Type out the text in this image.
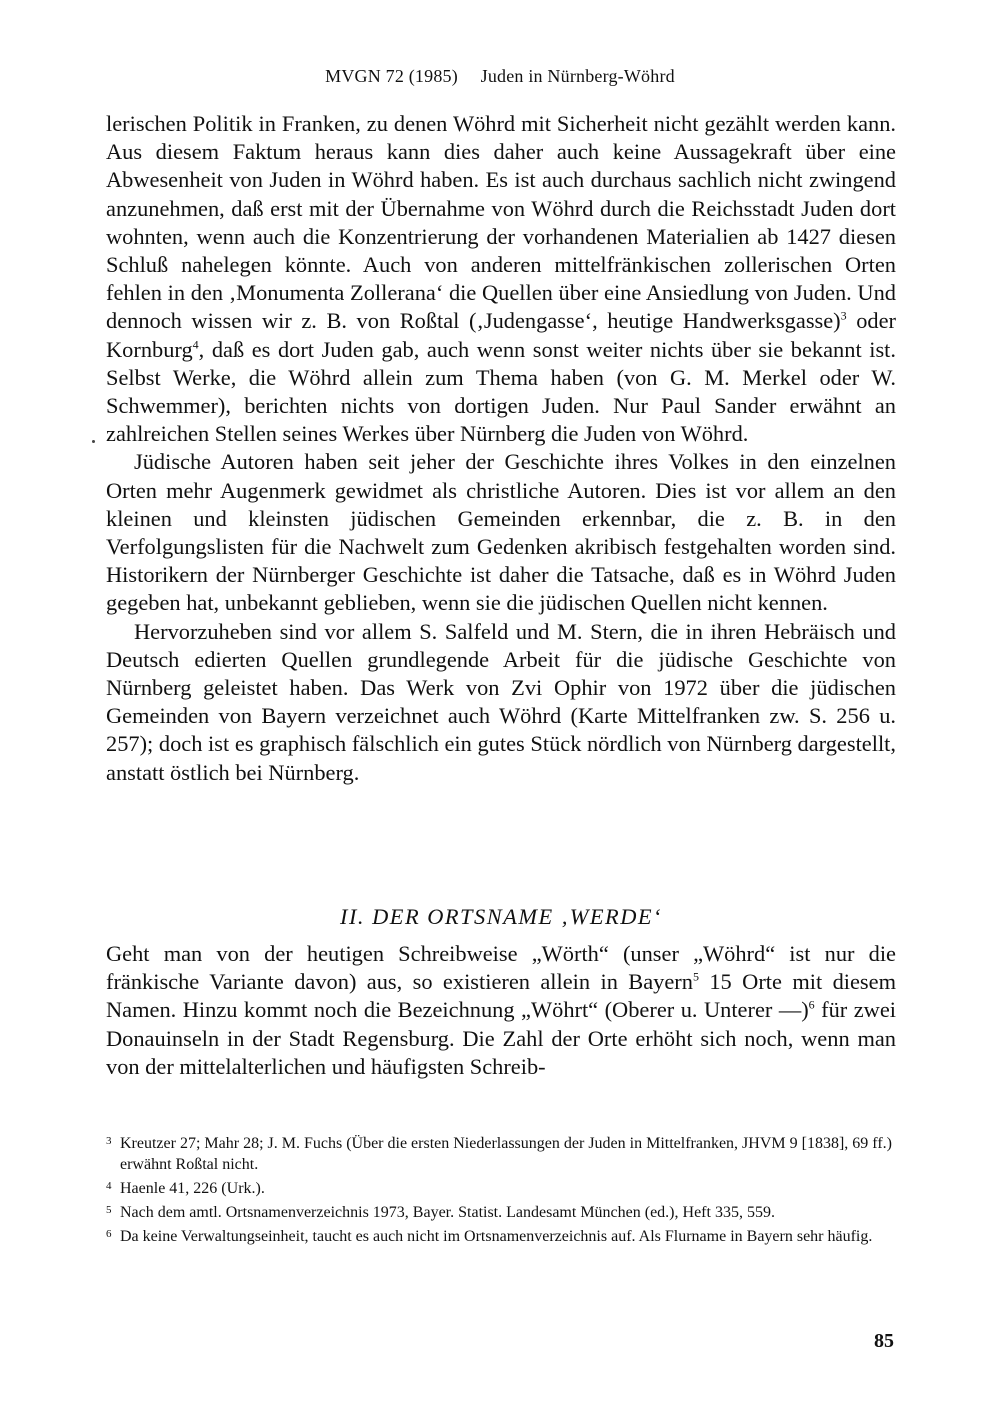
MVGN 72 (1985) Juden in Nürnberg-Wöhrd

lerischen Politik in Franken, zu denen Wöhrd mit Sicherheit nicht gezählt werden kann. Aus diesem Faktum heraus kann dies daher auch keine Aussagekraft über eine Abwesenheit von Juden in Wöhrd haben. Es ist auch durchaus sachlich nicht zwingend anzunehmen, daß erst mit der Übernahme von Wöhrd durch die Reichsstadt Juden dort wohnten, wenn auch die Konzentrierung der vorhandenen Materialien ab 1427 diesen Schluß nahelegen könnte. Auch von anderen mittelfränkischen zollerischen Orten fehlen in den ‚Monumenta Zollerana‘ die Quellen über eine Ansiedlung von Juden. Und dennoch wissen wir z. B. von Roßtal (‚Judengasse‘, heutige Handwerksgasse)$^3$ oder Kornburg$^4$, daß es dort Juden gab, auch wenn sonst weiter nichts über sie bekannt ist. Selbst Werke, die Wöhrd allein zum Thema haben (von G. M. Merkel oder W. Schwemmer), berichten nichts von dortigen Juden. Nur Paul Sander erwähnt an zahlreichen Stellen seines Werkes über Nürnberg die Juden von Wöhrd.

Jüdische Autoren haben seit jeher der Geschichte ihres Volkes in den einzelnen Orten mehr Augenmerk gewidmet als christliche Autoren. Dies ist vor allem an den kleinen und kleinsten jüdischen Gemeinden erkennbar, die z. B. in den Verfolgungslisten für die Nachwelt zum Gedenken akribisch festgehalten worden sind. Historikern der Nürnberger Geschichte ist daher die Tatsache, daß es in Wöhrd Juden gegeben hat, unbekannt geblieben, wenn sie die jüdischen Quellen nicht kennen.

Hervorzuheben sind vor allem S. Salfeld und M. Stern, die in ihren Hebräisch und Deutsch edierten Quellen grundlegende Arbeit für die jüdische Geschichte von Nürnberg geleistet haben. Das Werk von Zvi Ophir von 1972 über die jüdischen Gemeinden von Bayern verzeichnet auch Wöhrd (Karte Mittelfranken zw. S. 256 u. 257); doch ist es graphisch fälschlich ein gutes Stück nördlich von Nürnberg dargestellt, anstatt östlich bei Nürnberg.

II. DER ORTSNAME ‚WERDE‘

Geht man von der heutigen Schreibweise „Wörth“ (unser „Wöhrd“ ist nur die fränkische Variante davon) aus, so existieren allein in Bayern$^5$ 15 Orte mit diesem Namen. Hinzu kommt noch die Bezeichnung „Wöhrt“ (Oberer u. Unterer —)$^6$ für zwei Donauinseln in der Stadt Regensburg. Die Zahl der Orte erhöht sich noch, wenn man von der mittelalterlichen und häufigsten Schreib-

3 Kreutzer 27; Mahr 28; J. M. Fuchs (Über die ersten Niederlassungen der Juden in Mittelfranken, JHVM 9 [1838], 69 ff.) erwähnt Roßtal nicht.
4 Haenle 41, 226 (Urk.).
5 Nach dem amtl. Ortsnamenverzeichnis 1973, Bayer. Statist. Landesamt München (ed.), Heft 335, 559.
6 Da keine Verwaltungseinheit, taucht es auch nicht im Ortsnamenverzeichnis auf. Als Flurname in Bayern sehr häufig.
85
